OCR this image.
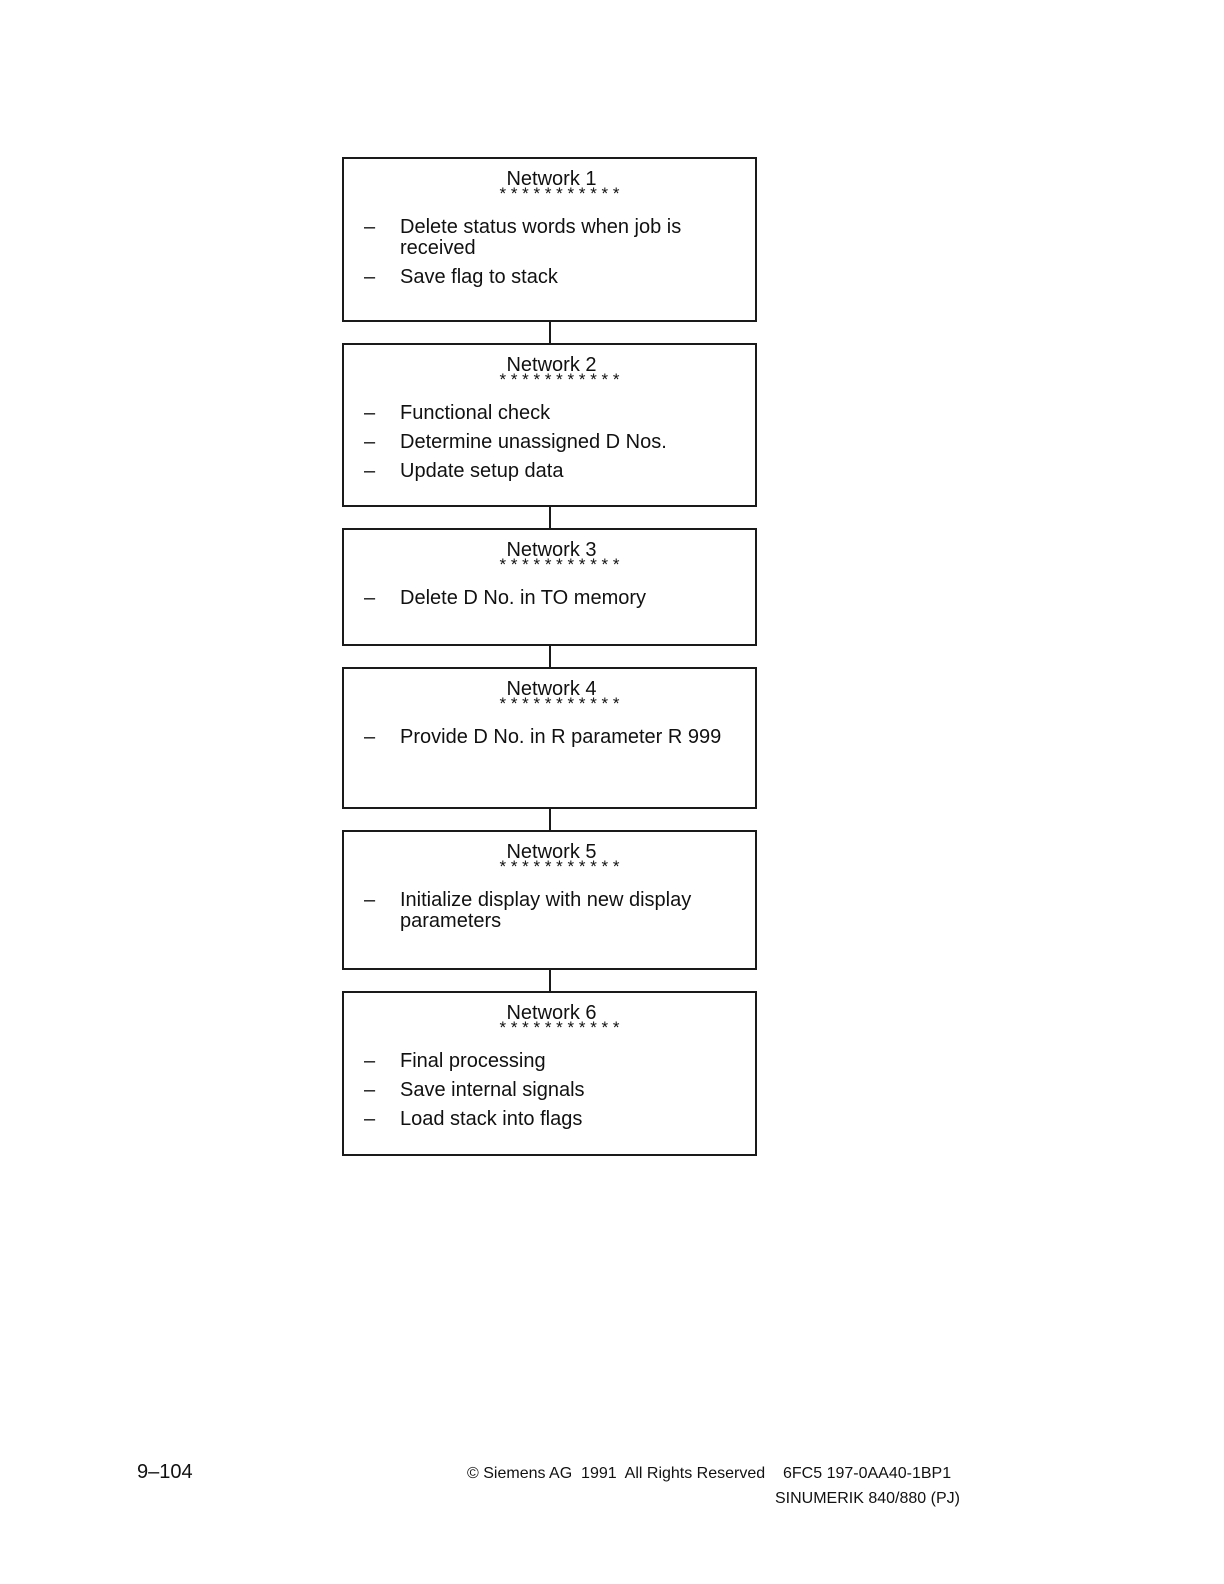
Network 1
* * * * * * * * * * *
– Delete status words when job is received
– Save flag to stack
Network 2
* * * * * * * * * * *
– Functional check
– Determine unassigned D Nos.
– Update setup data
Network 3
* * * * * * * * * * *
– Delete D No. in TO memory
Network 4
* * * * * * * * * * *
– Provide D No. in R parameter R 999
Network 5
* * * * * * * * * * *
– Initialize display with new display parameters
Network 6
* * * * * * * * * * *
– Final processing
– Save internal signals
– Load stack into flags
9–104	© Siemens AG  1991  All Rights Reserved 6FC5 197-0AA40-1BP1
SINUMERIK 840/880 (PJ)
